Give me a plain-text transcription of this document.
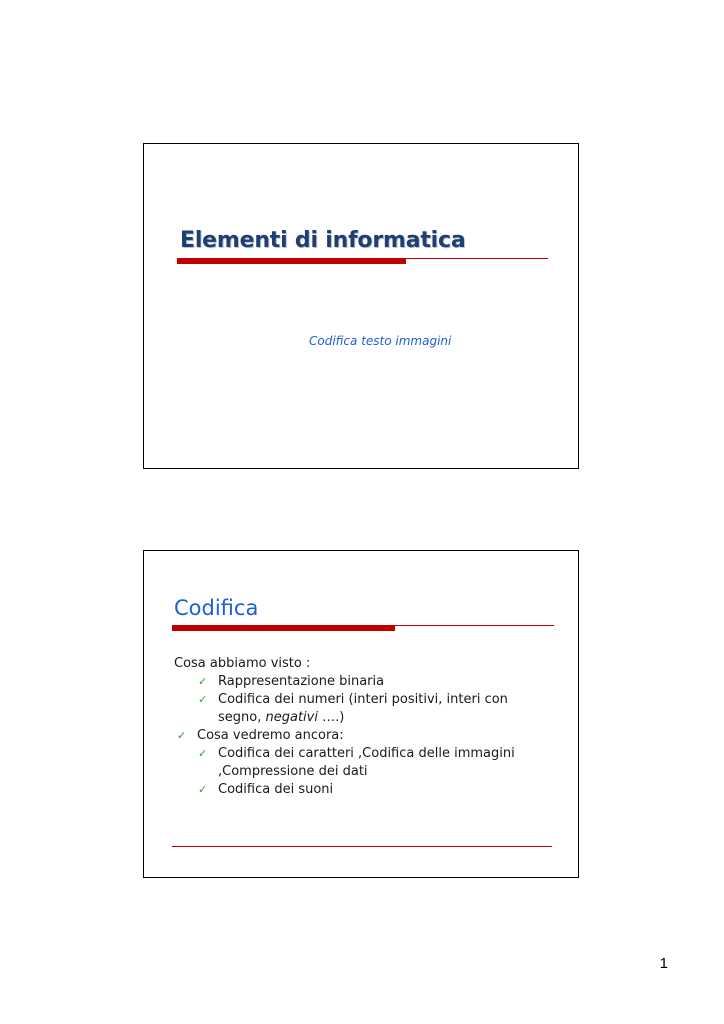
Elementi di informatica

Codifica testo immagini

Codifica
Cosa abbiamo visto :
✓ Rappresentazione binaria
✓ Codifica dei numeri (interi positivi, interi con
segno, negativi ….)
✓ Cosa vedremo ancora:
✓ Codifica dei caratteri ,Codifica delle immagini
,Compressione dei dati
✓ Codifica dei suoni

1
